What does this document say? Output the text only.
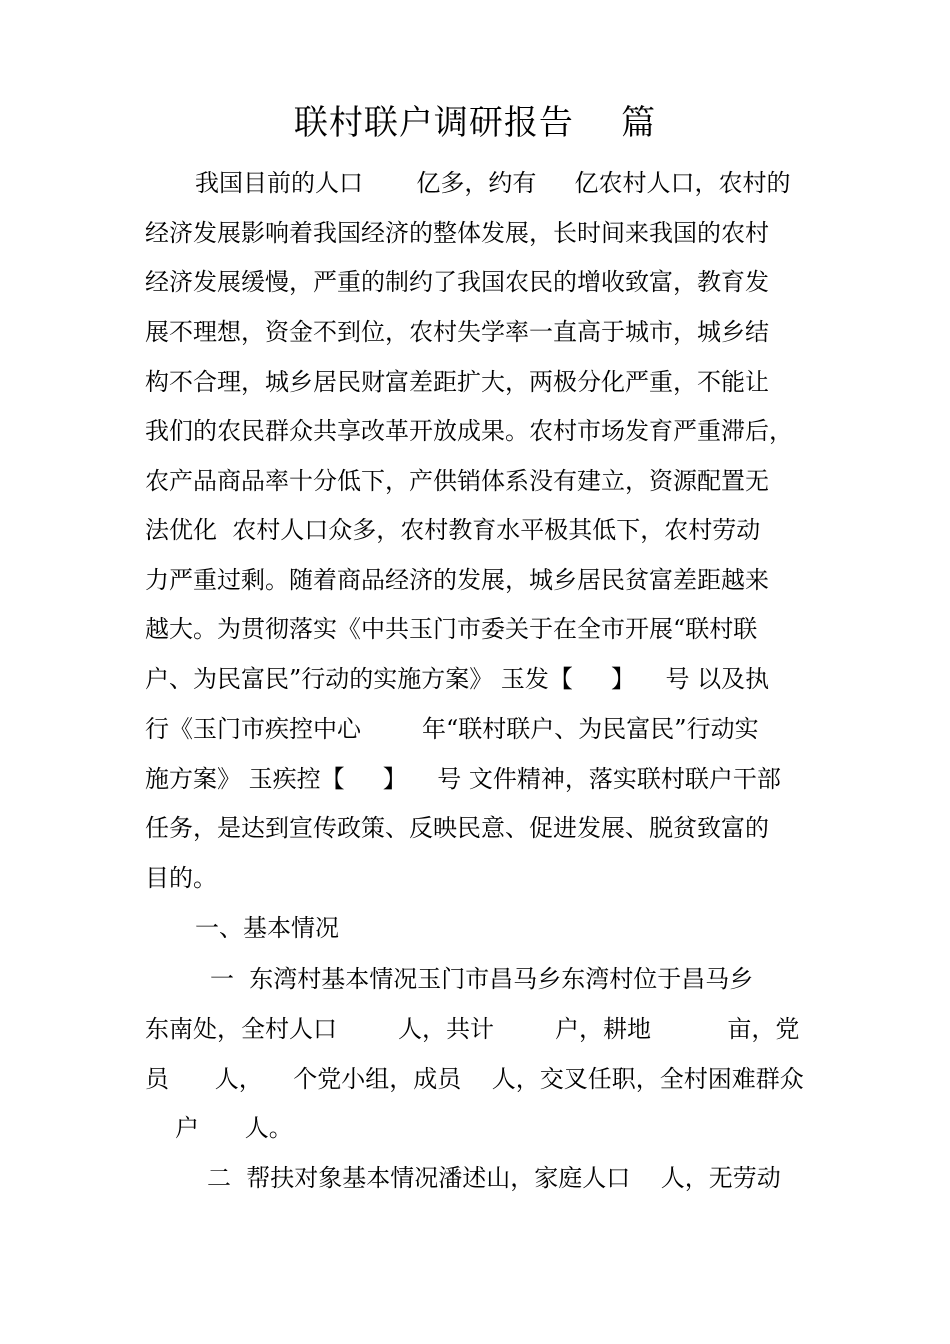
联村联户调研报告    篇

我国目前的人口       亿多，约有     亿农村人口，农村的

经济发展影响着我国经济的整体发展，长时间来我国的农村

经济发展缓慢，严重的制约了我国农民的增收致富，教育发

展不理想，资金不到位，农村失学率一直高于城市，城乡结

构不合理，城乡居民财富差距扩大，两极分化严重，不能让

我们的农民群众共享改革开放成果。农村市场发育严重滞后，

农产品商品率十分低下，产供销体系没有建立，资源配置无

法优化  农村人口众多，农村教育水平极其低下，农村劳动

力严重过剩。随着商品经济的发展，城乡居民贫富差距越来

越大。为贯彻落实《中共玉门市委关于在全市开展“联村联

户、为民富民”行动的实施方案》 玉发【     】    号 以及执

行《玉门市疾控中心        年“联村联户、为民富民”行动实

施方案》 玉疾控【     】    号 文件精神，落实联村联户干部

任务，是达到宣传政策、反映民意、促进发展、脱贫致富的

目的。

一、基本情况

一  东湾村基本情况玉门市昌马乡东湾村位于昌马乡

东南处，全村人口        人，共计        户，耕地          亩，党

员      人，    个党小组，成员    人，交叉任职，全村困难群众

户      人。

二  帮扶对象基本情况潘述山，家庭人口    人，无劳动
